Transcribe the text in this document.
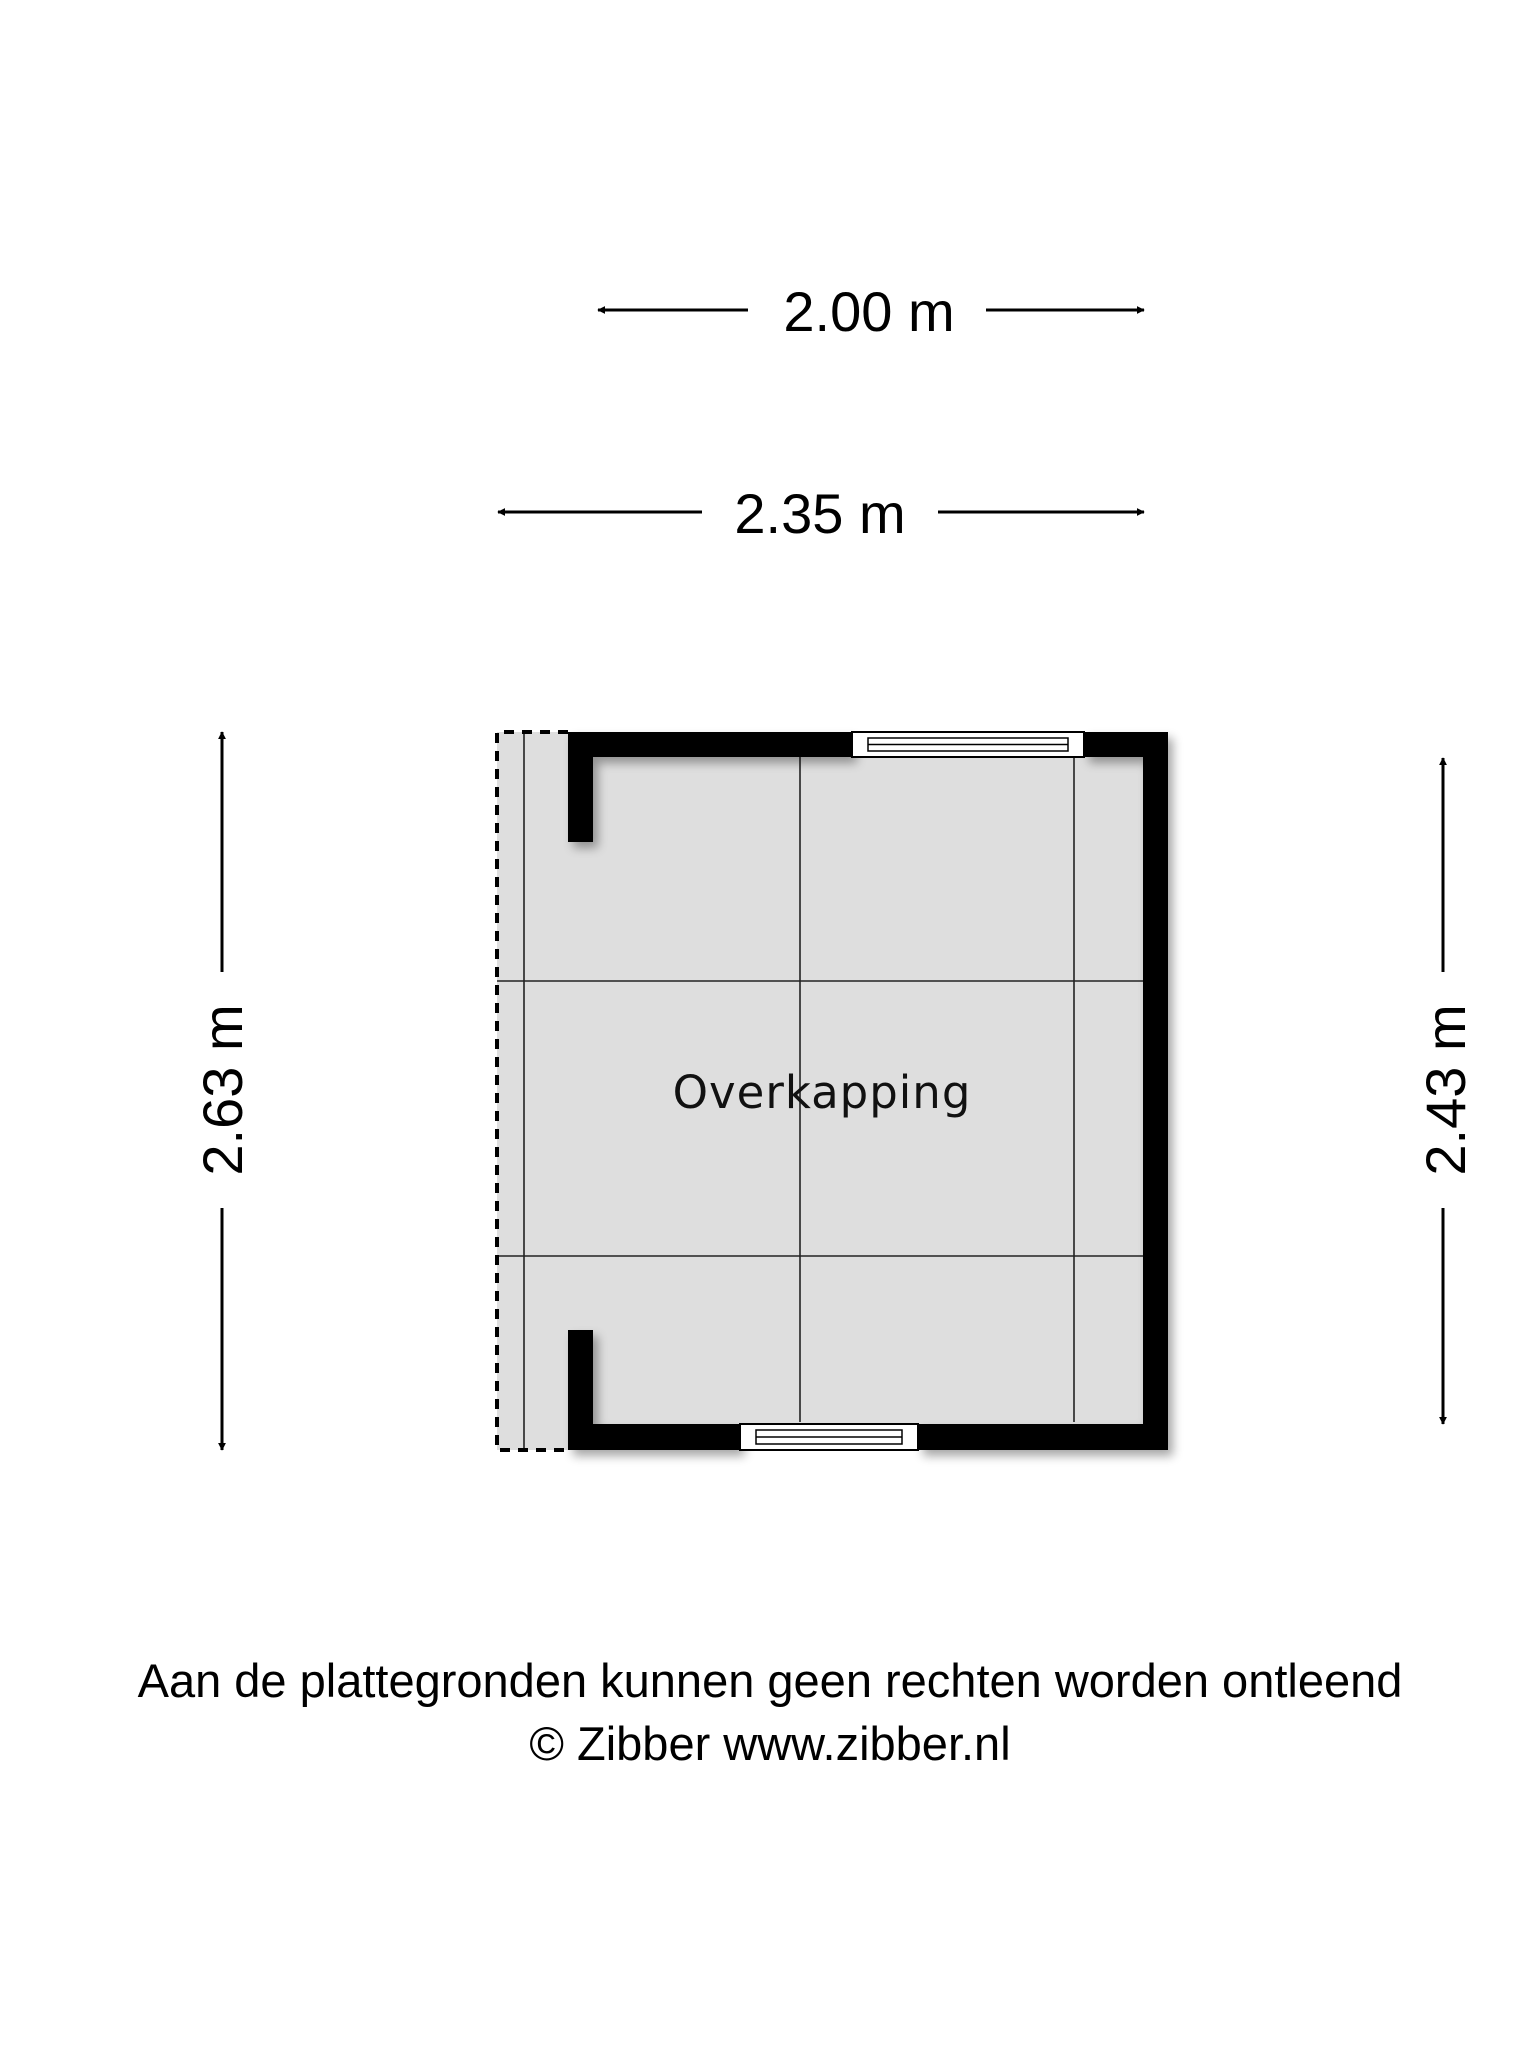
2.00 m
2.35 m
2.63 m	2.43 m
Overkapping
Aan de plattegronden kunnen geen rechten worden ontleend
© Zibber www.zibber.nl
